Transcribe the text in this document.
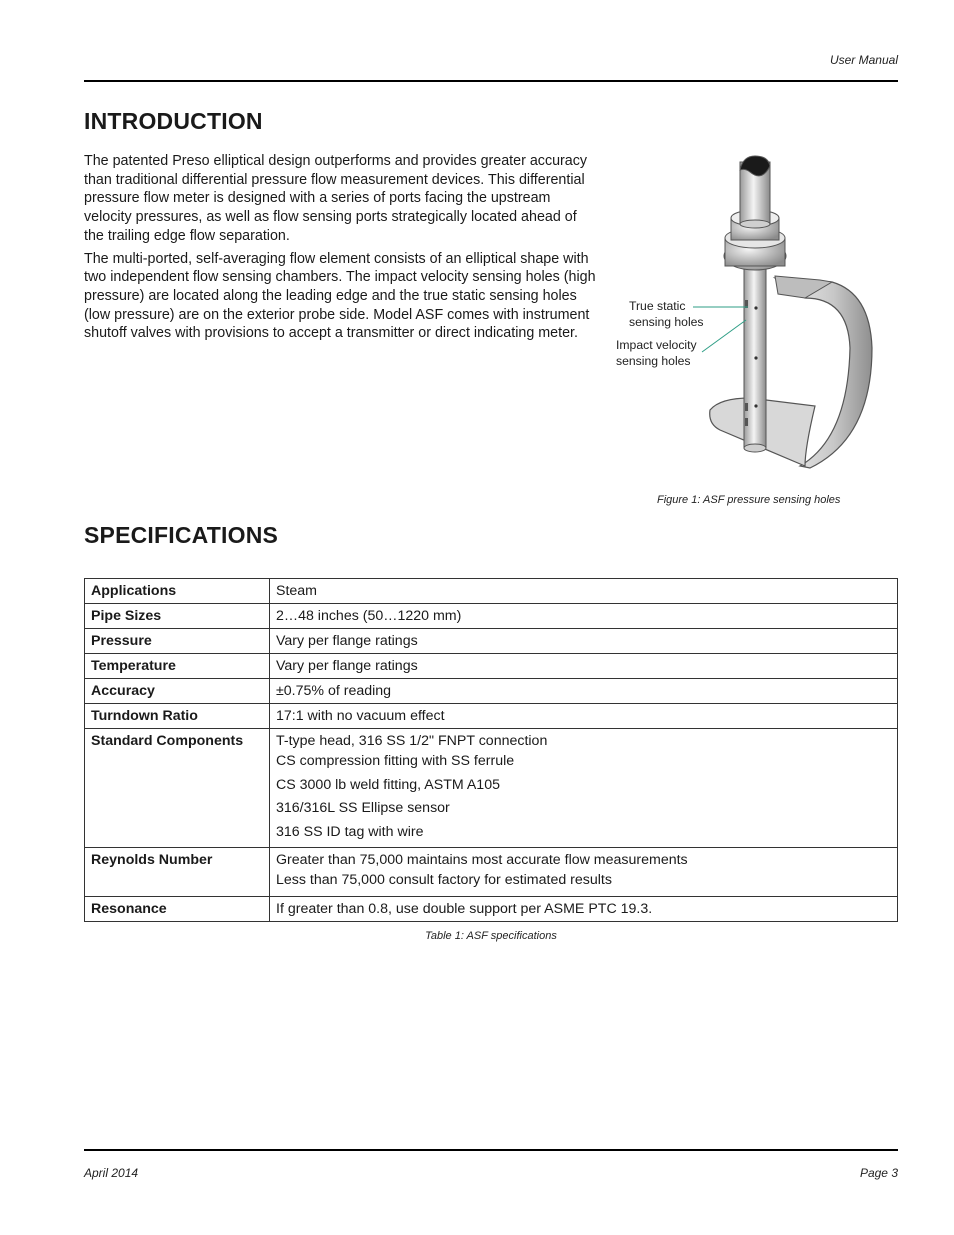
User Manual
INTRODUCTION

The patented Preso elliptical design outperforms and provides greater accuracy than traditional differential pressure flow measurement devices. This differential pressure flow meter is designed with a series of ports facing the upstream velocity pressures, as well as flow sensing ports strategically located ahead of the trailing edge flow separation.

The multi-ported, self-averaging flow element consists of an elliptical shape with two independent flow sensing chambers. The impact velocity sensing holes (high pressure) are located along the leading edge and the true static sensing holes (low pressure) are on the exterior probe side. Model ASF comes with instrument shutoff valves with provisions to accept a transmitter or direct indicating meter.

True static
sensing holes
Impact velocity
sensing holes
Figure 1: ASF pressure sensing holes
SPECIFICATIONS
Applications	Steam

Pipe Sizes	2…48 inches (50…1220 mm)

Pressure	Vary per flange ratings

Temperature	Vary per flange ratings

Accuracy	±0.75% of reading

Turndown Ratio	17:1 with no vacuum effect

Standard Components	T-type head, 316 SS 1/2" FNPT connection
CS compression fitting with SS ferrule
CS 3000 lb weld fitting, ASTM A105
316/316L SS Ellipse sensor
316 SS ID tag with wire

Reynolds Number	Greater than 75,000 maintains most accurate flow measurements
Less than 75,000 consult factory for estimated results

Resonance	If greater than 0.8, use double support per ASME PTC 19.3.
Table 1: ASF specifications
April 2014	Page 3
